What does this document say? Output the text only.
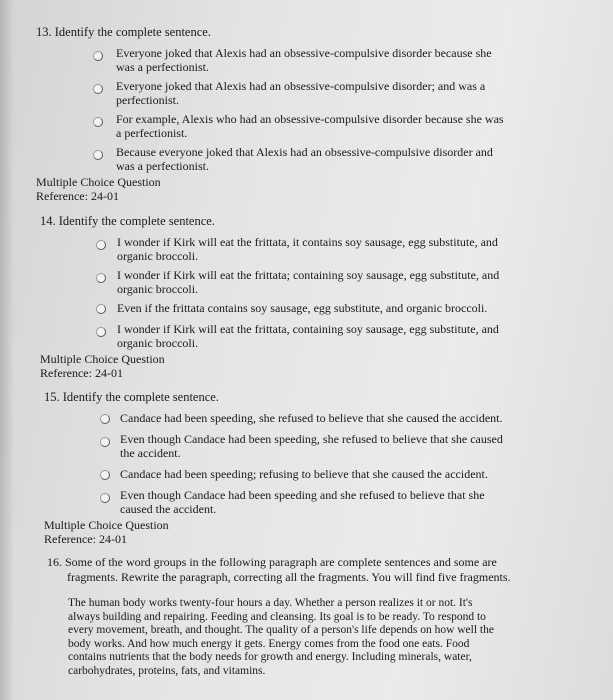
13. Identify the complete sentence.
Everyone joked that Alexis had an obsessive-compulsive disorder because she
was a perfectionist.
Everyone joked that Alexis had an obsessive-compulsive disorder; and was a
perfectionist.
For example, Alexis who had an obsessive-compulsive disorder because she was
a perfectionist.
Because everyone joked that Alexis had an obsessive-compulsive disorder and
was a perfectionist.
Multiple Choice Question
Reference: 24-01
14. Identify the complete sentence.
I wonder if Kirk will eat the frittata, it contains soy sausage, egg substitute, and
organic broccoli.
I wonder if Kirk will eat the frittata; containing soy sausage, egg substitute, and
organic broccoli.
Even if the frittata contains soy sausage, egg substitute, and organic broccoli.
I wonder if Kirk will eat the frittata, containing soy sausage, egg substitute, and
organic broccoli.
Multiple Choice Question
Reference: 24-01
15. Identify the complete sentence.
Candace had been speeding, she refused to believe that she caused the accident.
Even though Candace had been speeding, she refused to believe that she caused
the accident.
Candace had been speeding; refusing to believe that she caused the accident.
Even though Candace had been speeding and she refused to believe that she
caused the accident.
Multiple Choice Question
Reference: 24-01
16. Some of the word groups in the following paragraph are complete sentences and some are
fragments. Rewrite the paragraph, correcting all the fragments. You will find five fragments.
The human body works twenty-four hours a day. Whether a person realizes it or not. It's
always building and repairing. Feeding and cleansing. Its goal is to be ready. To respond to
every movement, breath, and thought. The quality of a person's life depends on how well the
body works. And how much energy it gets. Energy comes from the food one eats. Food
contains nutrients that the body needs for growth and energy. Including minerals, water,
carbohydrates, proteins, fats, and vitamins.
